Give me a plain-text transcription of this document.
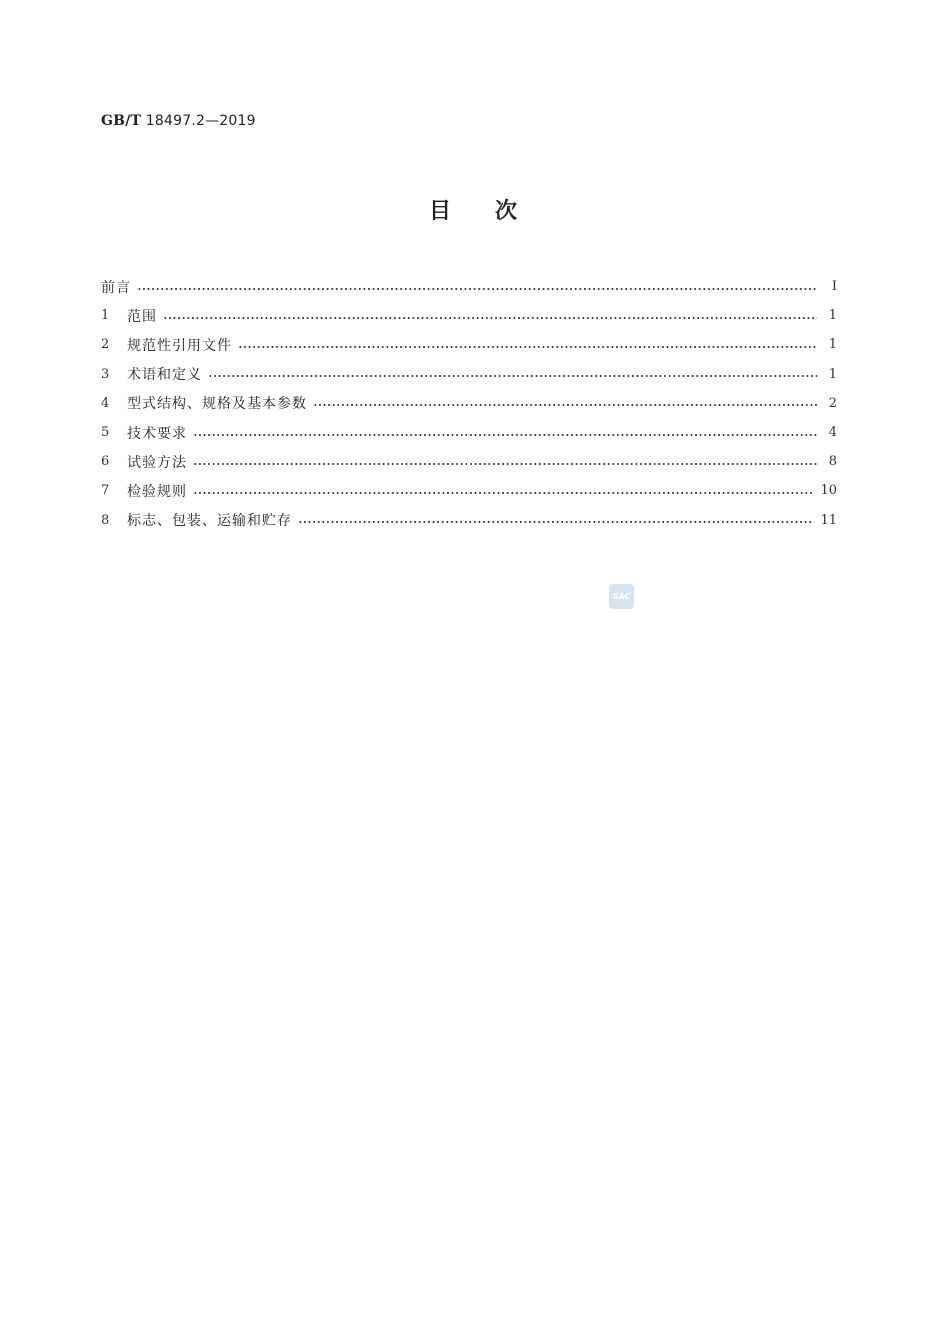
GB/T 18497.2—2019
目次
前言	Ⅰ
1	范围	1
2	规范性引用文件	1
3	术语和定义	1
4	型式结构、规格及基本参数	2
5	技术要求	4
6	试验方法	8
7	检验规则	10
8	标志、包装、运输和贮存	11
SAC
